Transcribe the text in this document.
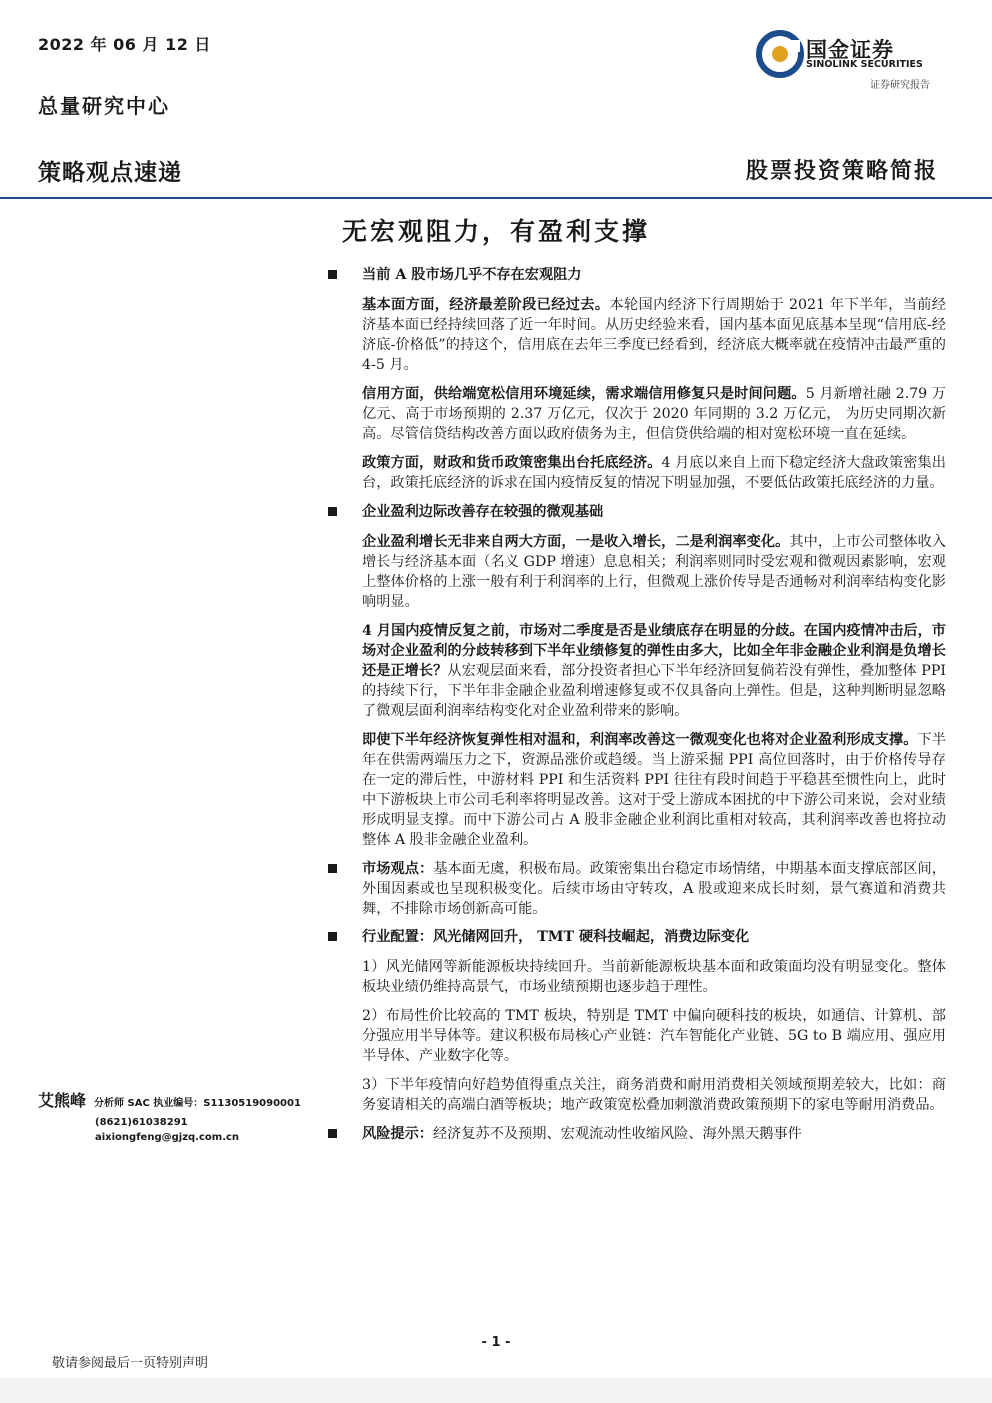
2022 年 06 月 12 日
总量研究中心
国金证券
SINOLINK SECURITIES
证券研究报告
策略观点速递	股票投资策略简报
无宏观阻力，有盈利支撑
当前 A 股市场几乎不存在宏观阻力
基本面方面，经济最差阶段已经过去。本轮国内经济下行周期始于 2021 年下半年，当前经济基本面已经持续回落了近一年时间。从历史经验来看，国内基本面见底基本呈现“信用底-经济底-价格低”的持这个，信用底在去年三季度已经看到，经济底大概率就在疫情冲击最严重的 4-5 月。
信用方面，供给端宽松信用环境延续，需求端信用修复只是时间问题。5 月新增社融 2.79 万亿元、高于市场预期的 2.37 万亿元，仅次于 2020 年同期的 3.2 万亿元， 为历史同期次新高。尽管信贷结构改善方面以政府债务为主，但信贷供给端的相对宽松环境一直在延续。
政策方面，财政和货币政策密集出台托底经济。4 月底以来自上而下稳定经济大盘政策密集出台，政策托底经济的诉求在国内疫情反复的情况下明显加强，不要低估政策托底经济的力量。
企业盈利边际改善存在较强的微观基础
企业盈利增长无非来自两大方面，一是收入增长，二是利润率变化。其中，上市公司整体收入增长与经济基本面（名义 GDP 增速）息息相关；利润率则同时受宏观和微观因素影响，宏观上整体价格的上涨一般有利于利润率的上行，但微观上涨价传导是否通畅对利润率结构变化影响明显。
4 月国内疫情反复之前，市场对二季度是否是业绩底存在明显的分歧。在国内疫情冲击后，市场对企业盈利的分歧转移到下半年业绩修复的弹性由多大，比如全年非金融企业利润是负增长还是正增长？从宏观层面来看，部分投资者担心下半年经济回复倘若没有弹性，叠加整体 PPI 的持续下行，下半年非金融企业盈利增速修复或不仅具备向上弹性。但是，这种判断明显忽略了微观层面利润率结构变化对企业盈利带来的影响。
即使下半年经济恢复弹性相对温和，利润率改善这一微观变化也将对企业盈利形成支撑。下半年在供需两端压力之下，资源品涨价或趋缓。当上游采掘 PPI 高位回落时，由于价格传导存在一定的滞后性，中游材料 PPI 和生活资料 PPI 往往有段时间趋于平稳甚至惯性向上，此时中下游板块上市公司毛利率将明显改善。这对于受上游成本困扰的中下游公司来说，会对业绩形成明显支撑。而中下游公司占 A 股非金融企业利润比重相对较高，其利润率改善也将拉动整体 A 股非金融企业盈利。
市场观点：基本面无虞，积极布局。政策密集出台稳定市场情绪，中期基本面支撑底部区间，外围因素或也呈现积极变化。后续市场由守转攻，A 股或迎来成长时刻，景气赛道和消费共舞，不排除市场创新高可能。
行业配置：风光储网回升， TMT 硬科技崛起，消费边际变化
1）风光储网等新能源板块持续回升。当前新能源板块基本面和政策面均没有明显变化。整体板块业绩仍维持高景气，市场业绩预期也逐步趋于理性。
2）布局性价比较高的 TMT 板块，特别是 TMT 中偏向硬科技的板块，如通信、计算机、部分强应用半导体等。建议积极布局核心产业链：汽车智能化产业链、5G to B 端应用、强应用半导体、产业数字化等。
3）下半年疫情向好趋势值得重点关注，商务消费和耐用消费相关领域预期差较大，比如：商务宴请相关的高端白酒等板块；地产政策宽松叠加刺激消费政策预期下的家电等耐用消费品。
风险提示：经济复苏不及预期、宏观流动性收缩风险、海外黑天鹅事件
艾熊峰 分析师 SAC 执业编号： S1130519090001
(8621)61038291
aixiongfeng@gjzq.com.cn
- 1 -
敬请参阅最后一页特别声明
